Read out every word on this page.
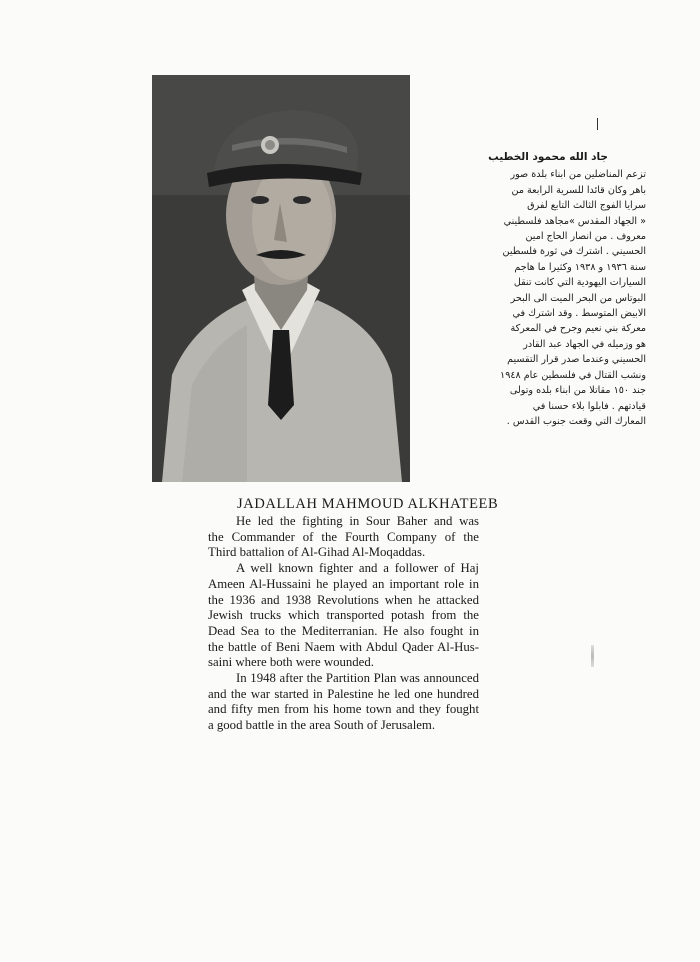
جاد الله محمود الخطيب
تزعم المناضلين من ابناء بلدة صور
باهر وكان قائدا للسرية الرابعة من
سرايا الفوج الثالث التابع لفرق
« الجهاد المقدس »مجاهد فلسطيني
معروف . من انصار الحاج امين
الحسيني . اشترك في ثورة فلسطين
سنة ١٩٣٦ و ١٩٣٨ وكثيرا ما هاجم
السيارات اليهودية التي كانت تنقل
البوتاس من البحر الميت الى البحر
الابيض المتوسط . وقد اشترك في
معركة بني نعيم وجرح في المعركة
هو وزميله في الجهاد عبد القادر
الحسيني وعندما صدر قرار التقسيم
ونشب القتال في فلسطين عام ١٩٤٨
جند ١٥٠ مقاتلا من ابناء بلده وتولى
قيادتهم . فابلوا بلاء حسنا في
المعارك التي وقعت جنوب القدس .
JADALLAH MAHMOUD ALKHATEEB
He led the fighting in Sour Baher and was
the Commander of the Fourth Company of the
Third battalion of Al-Gihad Al-Moqaddas.
A well known fighter and a follower of Haj
Ameen Al-Hussaini he played an important role in
the 1936 and 1938 Revolutions when he attacked
Jewish trucks which transported potash from the
Dead Sea to the Mediterranian. He also fought in
the battle of Beni Naem with Abdul Qader Al-Hus-
saini where both were wounded.
In 1948 after the Partition Plan was announced
and the war started in Palestine he led one hundred
and fifty men from his home town and they fought
a good battle in the area South of Jerusalem.
